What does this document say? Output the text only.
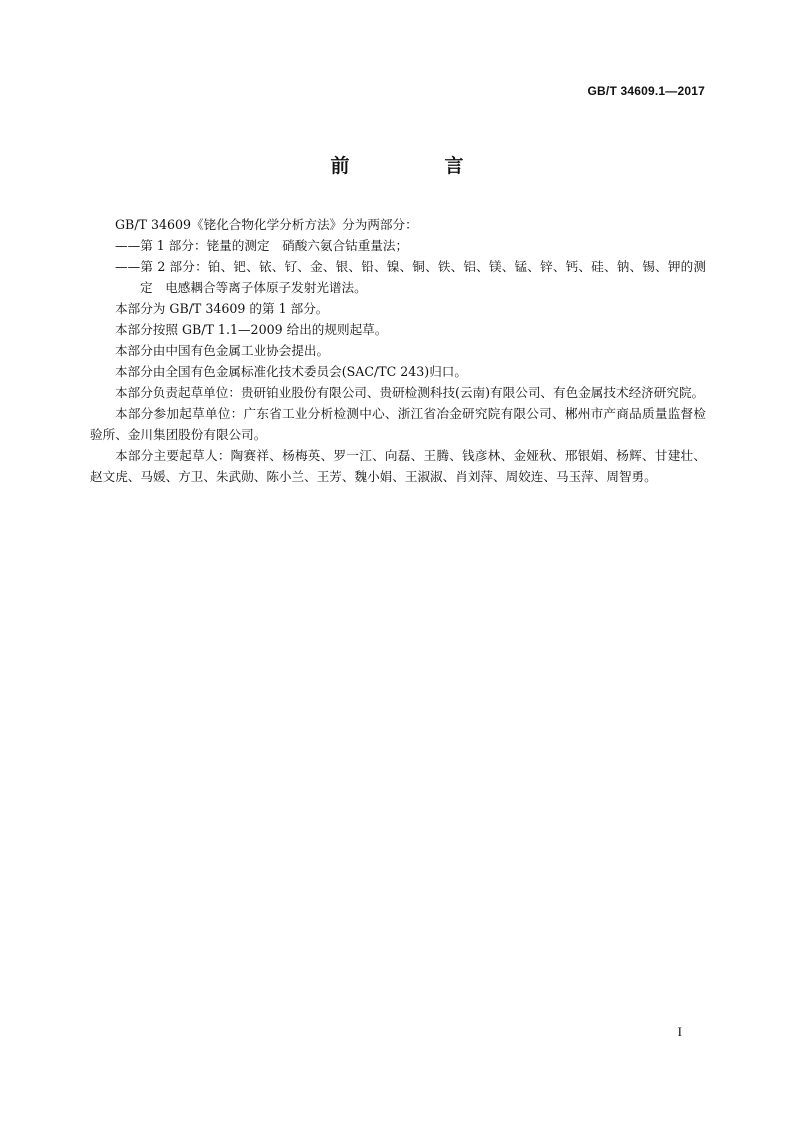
GB/T 34609.1—2017
前　言

GB/T 34609《铑化合物化学分析方法》分为两部分：

——第 1 部分：铑量的测定　硝酸六氨合钴重量法；

——第 2 部分：铂、钯、铱、钌、金、银、铅、镍、铜、铁、铝、镁、锰、锌、钙、硅、钠、锡、钾的测定　电感耦合等离子体原子发射光谱法。

本部分为 GB/T 34609 的第 1 部分。

本部分按照 GB/T 1.1—2009 给出的规则起草。

本部分由中国有色金属工业协会提出。

本部分由全国有色金属标准化技术委员会(SAC/TC 243)归口。

本部分负责起草单位：贵研铂业股份有限公司、贵研检测科技(云南)有限公司、有色金属技术经济研究院。

本部分参加起草单位：广东省工业分析检测中心、浙江省冶金研究院有限公司、郴州市产商品质量监督检验所、金川集团股份有限公司。

本部分主要起草人：陶赛祥、杨梅英、罗一江、向磊、王腾、钱彦林、金娅秋、邢银娟、杨辉、甘建壮、赵文虎、马媛、方卫、朱武勋、陈小兰、王芳、魏小娟、王淑淑、肖刘萍、周姣连、马玉萍、周智勇。

I
